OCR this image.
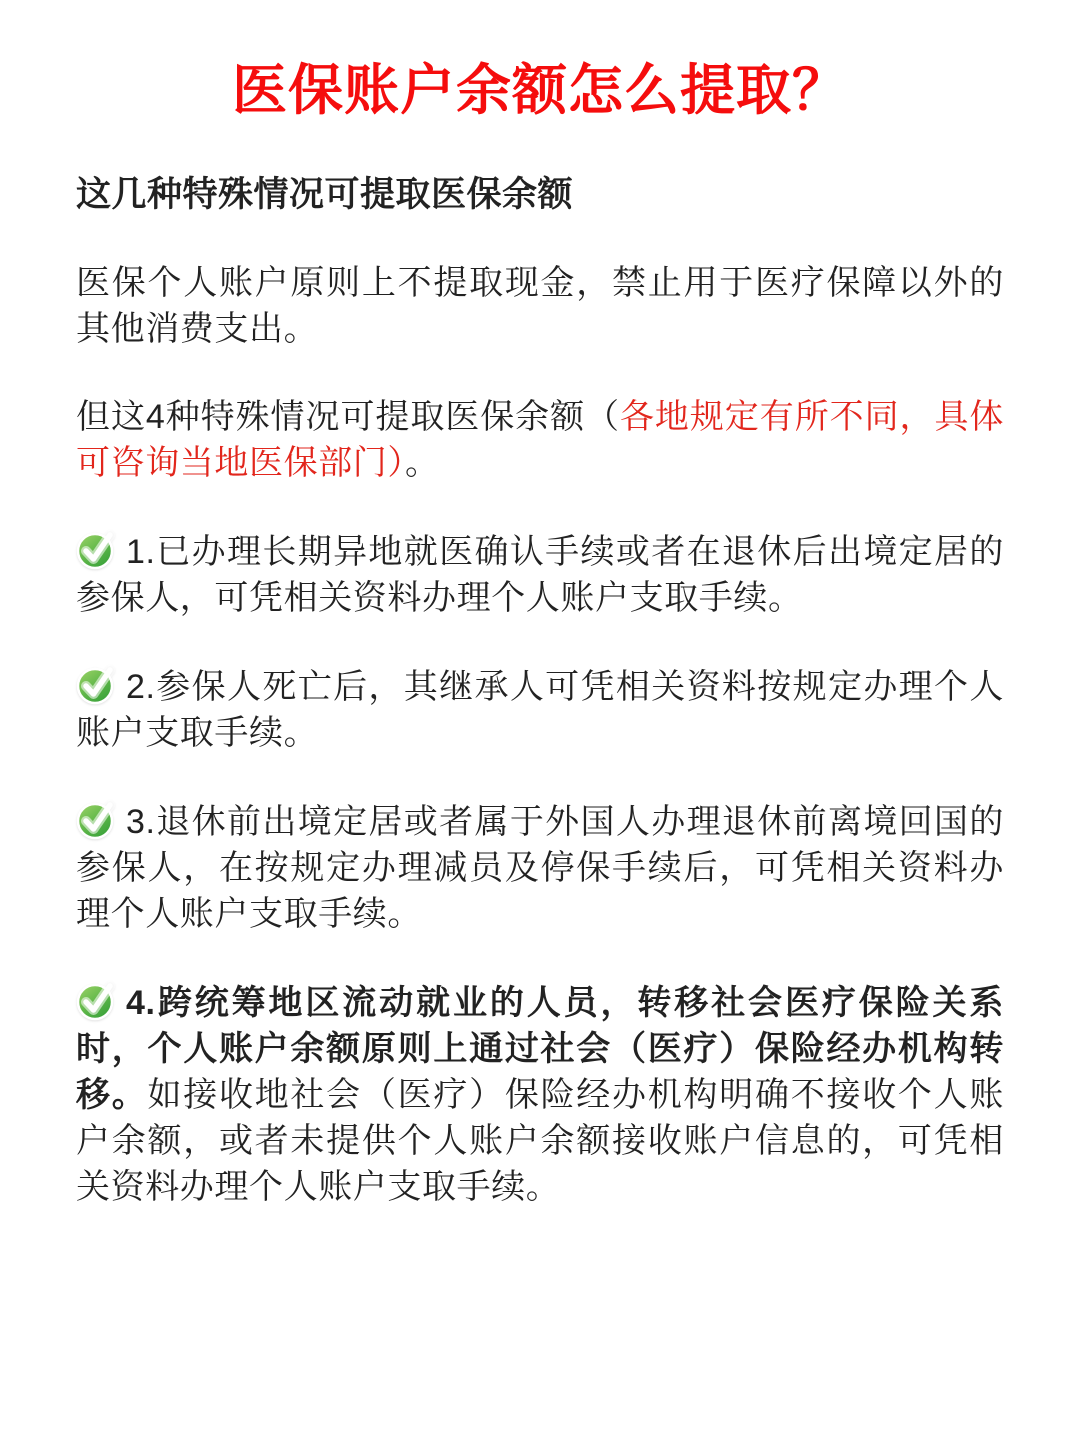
医保账户余额怎么提取？
这几种特殊情况可提取医保余额

医保个人账户原则上不提取现金，禁止用于医疗保障以外的其他消费支出。

但这4种特殊情况可提取医保余额（各地规定有所不同，具体可咨询当地医保部门）。

1.已办理长期异地就医确认手续或者在退休后出境定居的参保人，可凭相关资料办理个人账户支取手续。

2.参保人死亡后，其继承人可凭相关资料按规定办理个人账户支取手续。

3.退休前出境定居或者属于外国人办理退休前离境回国的参保人，在按规定办理减员及停保手续后，可凭相关资料办理个人账户支取手续。

4.跨统筹地区流动就业的人员，转移社会医疗保险关系时，个人账户余额原则上通过社会（医疗）保险经办机构转移。如接收地社会（医疗）保险经办机构明确不接收个人账户余额，或者未提供个人账户余额接收账户信息的，可凭相关资料办理个人账户支取手续。
